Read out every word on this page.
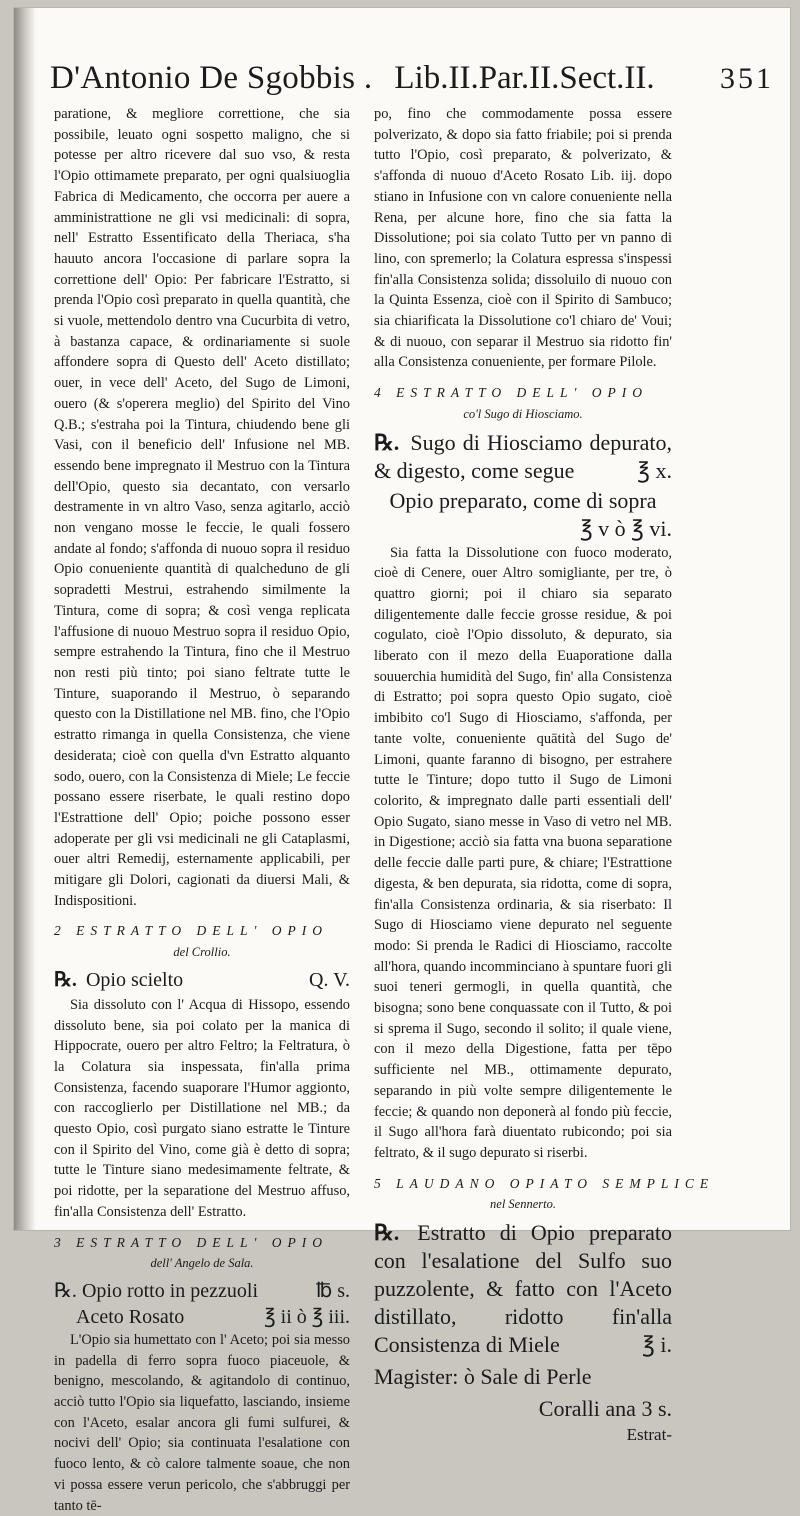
D'Antonio De Sgobbis . Lib.II.Par.II.Sect.II. 351

paratione, & megliore correttione, che sia possibile, leuato ogni sospetto maligno, che si potesse per altro ricevere dal suo vso, & resta l'Opio ottimamete preparato, per ogni qualsiuoglia Fabrica di Medicamento, che occorra per auere a amministrattione ne gli vsi medicinali: di sopra, nell' Estratto Essentificato della Theriaca, s'ha hauuto ancora l'occasione di parlare sopra la correttione dell' Opio: Per fabricare l'Estratto, si prenda l'Opio così preparato in quella quantità, che si vuole, mettendolo dentro vna Cucurbita di vetro, à bastanza capace, & ordinariamente si suole affondere sopra di Questo dell' Aceto distillato; ouer, in vece dell' Aceto, del Sugo de Limoni, ouero (& s'operera meglio) del Spirito del Vino Q.B.; s'estrahа poi la Tintura, chiudendo bene gli Vasi, con il beneficio dell' Infusione nel MB. essendo bene impregnato il Mestruo con la Tintura dell'Opio, questo sia decantato, con versarlo destramente in vn altro Vaso, senza agitarlo, acciò non vengano mosse le feccie, le quali fossero andate al fondo; s'affonda di nuouo sopra il residuo Opio conueniente quantità di qualcheduno de gli sopradetti Mestrui, estrahendo similmente la Tintura, come di sopra; & così venga replicata l'affusione di nuouo Mestruo sopra il residuo Opio, sempre estrahendo la Tintura, fino che il Mestruo non resti più tinto; poi siano feltrate tutte le Tinture, suaporando il Mestruo, ò separando questo con la Distillatione nel MB. fino, che l'Opio estratto rimanga in quella Consistenza, che viene desiderata; cioè con quella d'vn Estratto alquanto sodo, ouero, con la Consistenza di Miele; Le feccie possano essere riserbate, le quali restino dopo l'Estrattione dell' Opio; poiche possono esser adoperate per gli vsi medicinali ne gli Cataplasmi, ouer altri Remedij, esternamente applicabili, per mitigare gli Dolori, cagionati da diuersi Mali, & Indispositioni.

2 ESTRATTO DELL' OPIO
del Crollio.
℞. Opio scielto	Q. V.

Sia dissoluto con l' Acqua di Hissopo, essendo dissoluto bene, sia poi colato per la manica di Hippocrate, ouero per altro Feltro; la Feltratura, ò la Colatura sia inspessata, fin'alla prima Consistenza, facendo suaporare l'Humor aggionto, con raccoglierlo per Distillatione nel MB.; da questo Opio, così purgato siano estratte le Tinture con il Spirito del Vino, come già è detto di sopra; tutte le Tinture siano medesimamente feltrate, & poi ridotte, per la separatione del Mestruo affuso, fin'alla Consistenza dell' Estratto.

3 ESTRATTO DELL' OPIO
dell' Angelo de Sala.
℞. Opio rotto in pezzuoli	℔ s.
Aceto Rosato	℥ ii ò ℥ iii.

L'Opio sia humettato con l' Aceto; poi sia messo in padella di ferro sopra fuoco piaceuole, & benigno, mescolando, & agitandolo di continuo, acciò tutto l'Opio sia liquefatto, lasciando, insieme con l'Aceto, esalar ancora gli fumi sulfurei, & nocivi dell' Opio; sia continuata l'esalatione con fuoco lento, & cò calore talmente soaue, che non vi possa essere verun pericolo, che s'abbruggi per tanto tē-

po, fino che commodamente possa essere polverizato, & dopo sia fatto friabile; poi si prenda tutto l'Opio, così preparato, & polverizato, & s'affonda di nuouo d'Aceto Rosato Lib. iij. dopo stiano in Infusione con vn calore conueniente nella Rena, per alcune hore, fino che sia fatta la Dissolutione; poi sia colato Tutto per vn panno di lino, con spremerlo; la Colatura espressa s'inspessi fin'alla Consistenza solida; dissoluilo di nuouo con la Quinta Essenza, cioè con il Spirito di Sambuco; sia chiarificata la Dissolutione co'l chiaro de' Voui; & di nuouo, con separar il Mestruo sia ridotto fin' alla Consistenza conueniente, per formare Pilole.

4 ESTRATTO DELL' OPIO
co'l Sugo di Hiosciamo.
℞. Sugo di Hiosciamo depurato, & digesto, come segue	℥ x.
Opio preparato, come di sopra
℥ v ò ℥ vi.

Sia fatta la Dissolutione con fuoco moderato, cioè di Cenere, ouer Altro somigliante, per tre, ò quattro giorni; poi il chiaro sia separato diligentemente dalle feccie grosse residue, & poi cogulato, cioè l'Opio dissoluto, & depurato, sia liberato con il mezo della Euaporatione dalla souuerchia humidità del Sugo, fin' alla Consistenza di Estratto; poi sopra questo Opio sugato, cioè imbibito co'l Sugo di Hiosciamo, s'affonda, per tante volte, conueniente quātità del Sugo de' Limoni, quante faranno di bisogno, per estrahere tutte le Tinture; dopo tutto il Sugo de Limoni colorito, & impregnato dalle parti essentiali dell' Opio Sugato, siano messe in Vaso di vetro nel MB. in Digestione; acciò sia fatta vna buona separatione delle feccie dalle parti pure, & chiare; l'Estrattione digesta, & ben depurata, sia ridotta, come di sopra, fin'alla Consistenza ordinaria, & sia riserbato: Il Sugo di Hiosciamo viene depurato nel seguente modo: Si prenda le Radici di Hiosciamo, raccolte all'hora, quando incomminciano à spuntare fuori gli suoi teneri germogli, in quella quantità, che bisogna; sono bene conquassate con il Tutto, & poi si sprema il Sugo, secondo il solito; il quale viene, con il mezo della Digestione, fatta per tēpo sufficiente nel MB., ottimamente depurato, separando in più volte sempre diligentemente le feccie; & quando non deponerà al fondo più feccie, il Sugo all'hora farà diuentato rubicondo; poi sia feltrato, & il sugo depurato si riserbi.

5 LAUDANO OPIATO SEMPLICE
nel Sennerto.
℞. Estratto di Opio preparato con l'esalatione del Sulfo suo puzzolente, & fatto con l'Aceto distillato, ridotto fin'alla Consistenza di Miele	℥ i.
Magister: ò Sale di Perle
Coralli ana 3 s.
Estrat-
